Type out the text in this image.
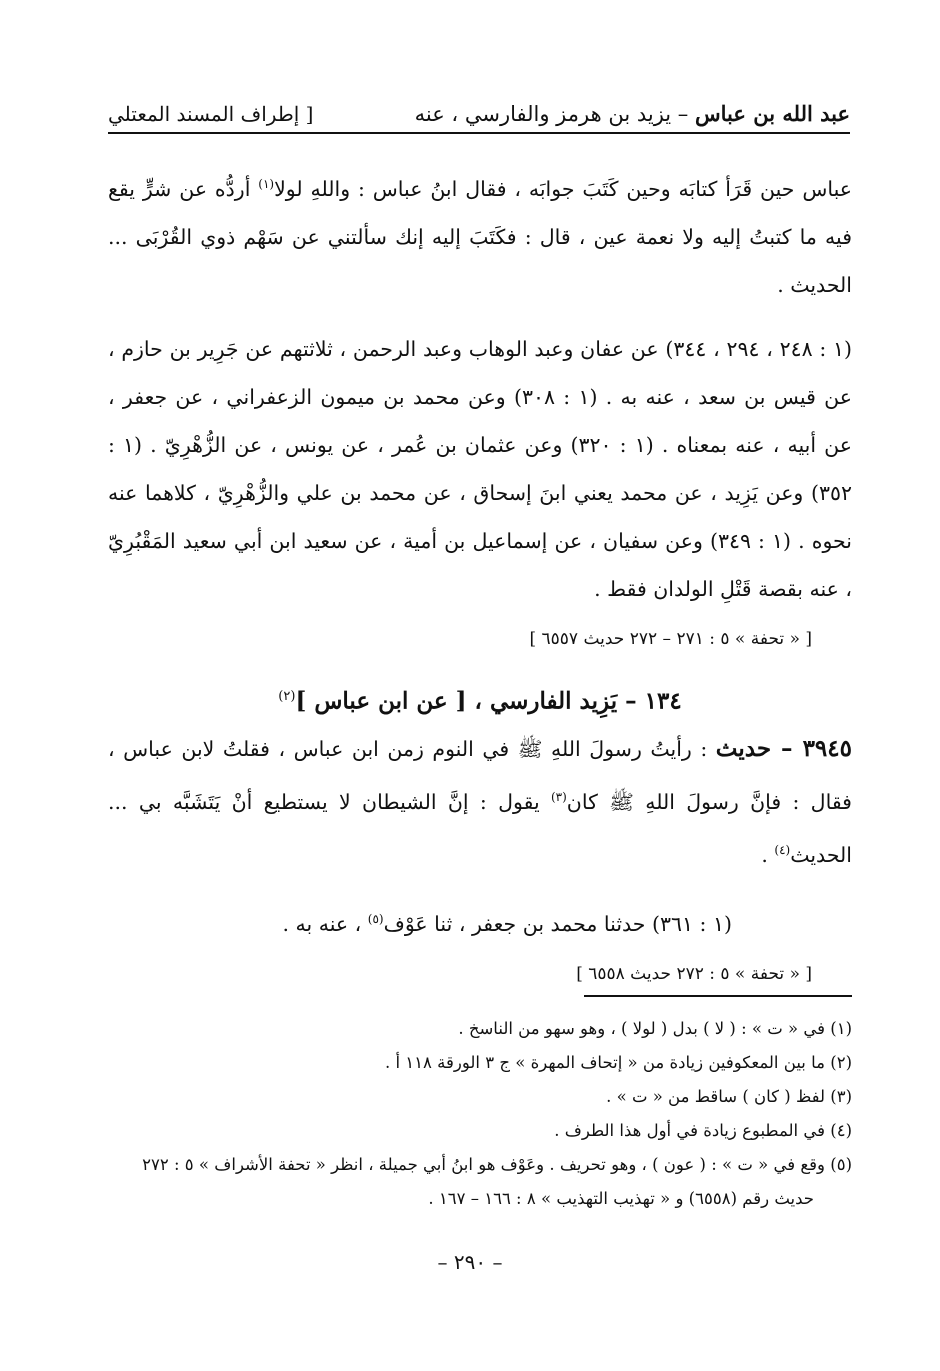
عبد الله بن عباس – يزيد بن هرمز والفارسي ، عنه
[ إطراف المسند المعتلي

عباس حين قَرَأ كتابَه وحين كَتَبَ جوابَه ، فقال ابنُ عباس : واللهِ لولا$^{(١)}$ أردُّه عن شرٍّ يقع فيه ما كتبتُ إليه ولا نعمة عين ، قال : فكَتَبَ إليه إنك سألتني عن سَهْم ذوي القُرْبَى ... الحديث .

(١ : ٢٤٨ ، ٢٩٤ ، ٣٤٤) عن عفان وعبد الوهاب وعبد الرحمن ، ثلاثتهم عن جَرِير بن حازم ، عن قيس بن سعد ، عنه به . (١ : ٣٠٨) وعن محمد بن ميمون الزعفراني ، عن جعفر ، عن أبيه ، عنه بمعناه . (١ : ٣٢٠) وعن عثمان بن عُمر ، عن يونس ، عن الزُّهْرِيّ . (١ : ٣٥٢) وعن يَزِيد ، عن محمد يعني ابنَ إسحاق ، عن محمد بن علي والزُّهْرِيّ ، كلاهما عنه نحوه . (١ : ٣٤٩) وعن سفيان ، عن إسماعيل بن أمية ، عن سعيد ابن أبي سعيد المَقْبُرِيّ ، عنه بقصة قَتْلِ الولدان فقط .

[ « تحفة » ٥ : ٢٧١ – ٢٧٢ حديث ٦٥٥٧ ]
١٣٤ – يَزِيد الفارسي ، [ عن ابن عباس ]$^{(٢)}$

٣٩٤٥ – حديث : رأيتُ رسولَ اللهِ ﷺ في النوم زمن ابن عباس ، فقلتُ لابن عباس ، فقال : فإنَّ رسولَ اللهِ ﷺ كان$^{(٣)}$ يقول : إنَّ الشيطان لا يستطيع أنْ يَتَشَبَّه بي ... الحديث$^{(٤)}$ .

(١ : ٣٦١) حدثنا محمد بن جعفر ، ثنا عَوْف$^{(٥)}$ ، عنه به .

[ « تحفة » ٥ : ٢٧٢ حديث ٦٥٥٨ ]
(١) في « ت » : ( لا ) بدل ( لولا ) ، وهو سهو من الناسخ .
(٢) ما بين المعكوفين زيادة من « إتحاف المهرة » ج ٣ الورقة ١١٨ أ .
(٣) لفظ ( كان ) ساقط من « ت » .
(٤) في المطبوع زيادة في أول هذا الطرف .
(٥) وقع في « ت » : ( عون ) ، وهو تحريف . وعَوْف هو ابنُ أبي جميلة ، انظر « تحفة الأشراف » ٥ : ٢٧٢
حديث رقم (٦٥٥٨) و « تهذيب التهذيب » ٨ : ١٦٦ – ١٦٧ .
– ٢٩٠ –
